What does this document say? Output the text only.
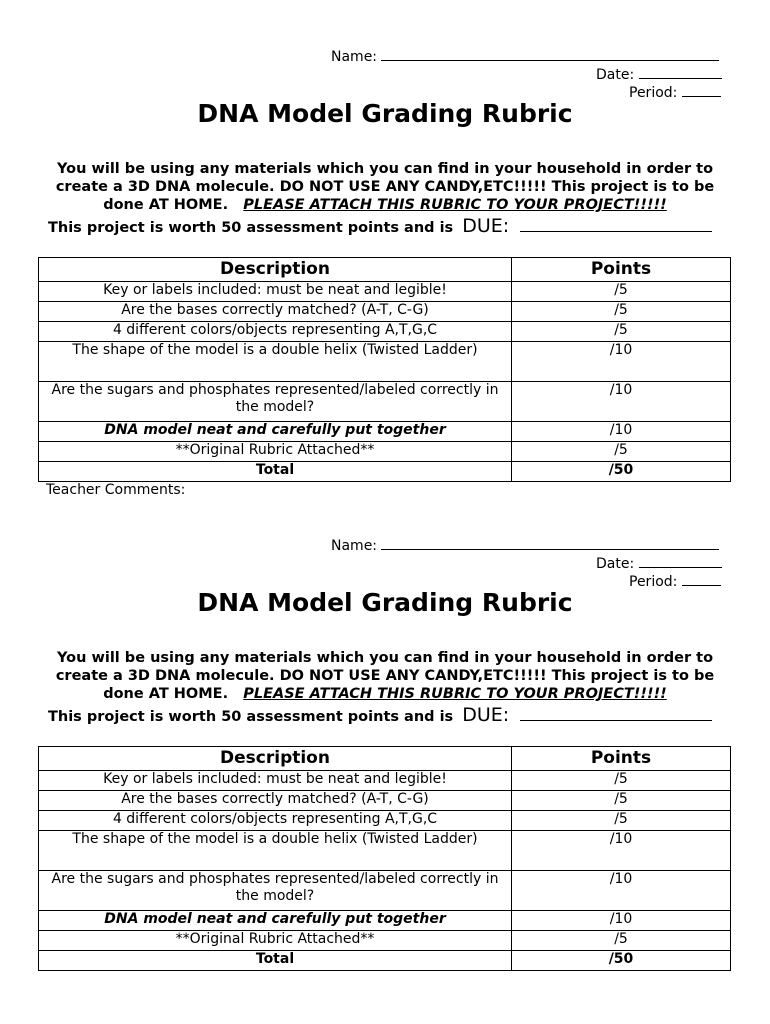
Name:
Date:
Period:
DNA Model Grading Rubric

You will be using any materials which you can find in your household in order to create a 3D DNA molecule. DO NOT USE ANY CANDY,ETC!!!!! This project is to be done AT HOME. PLEASE ATTACH THIS RUBRIC TO YOUR PROJECT!!!!!

This project is worth 50 assessment points and is DUE:
Description	Points
Key or labels included: must be neat and legible!	/5
Are the bases correctly matched? (A-T, C-G)	/5
4 different colors/objects representing A,T,G,C	/5
The shape of the model is a double helix (Twisted Ladder)	/10
Are the sugars and phosphates represented/labeled correctly in the model?	/10
DNA model neat and carefully put together	/10
**Original Rubric Attached**	/5
Total	/50
Teacher Comments:
Name:
Date:
Period:
DNA Model Grading Rubric

You will be using any materials which you can find in your household in order to create a 3D DNA molecule. DO NOT USE ANY CANDY,ETC!!!!! This project is to be done AT HOME. PLEASE ATTACH THIS RUBRIC TO YOUR PROJECT!!!!!

This project is worth 50 assessment points and is DUE:
Description	Points
Key or labels included: must be neat and legible!	/5
Are the bases correctly matched? (A-T, C-G)	/5
4 different colors/objects representing A,T,G,C	/5
The shape of the model is a double helix (Twisted Ladder)	/10
Are the sugars and phosphates represented/labeled correctly in the model?	/10
DNA model neat and carefully put together	/10
**Original Rubric Attached**	/5
Total	/50
